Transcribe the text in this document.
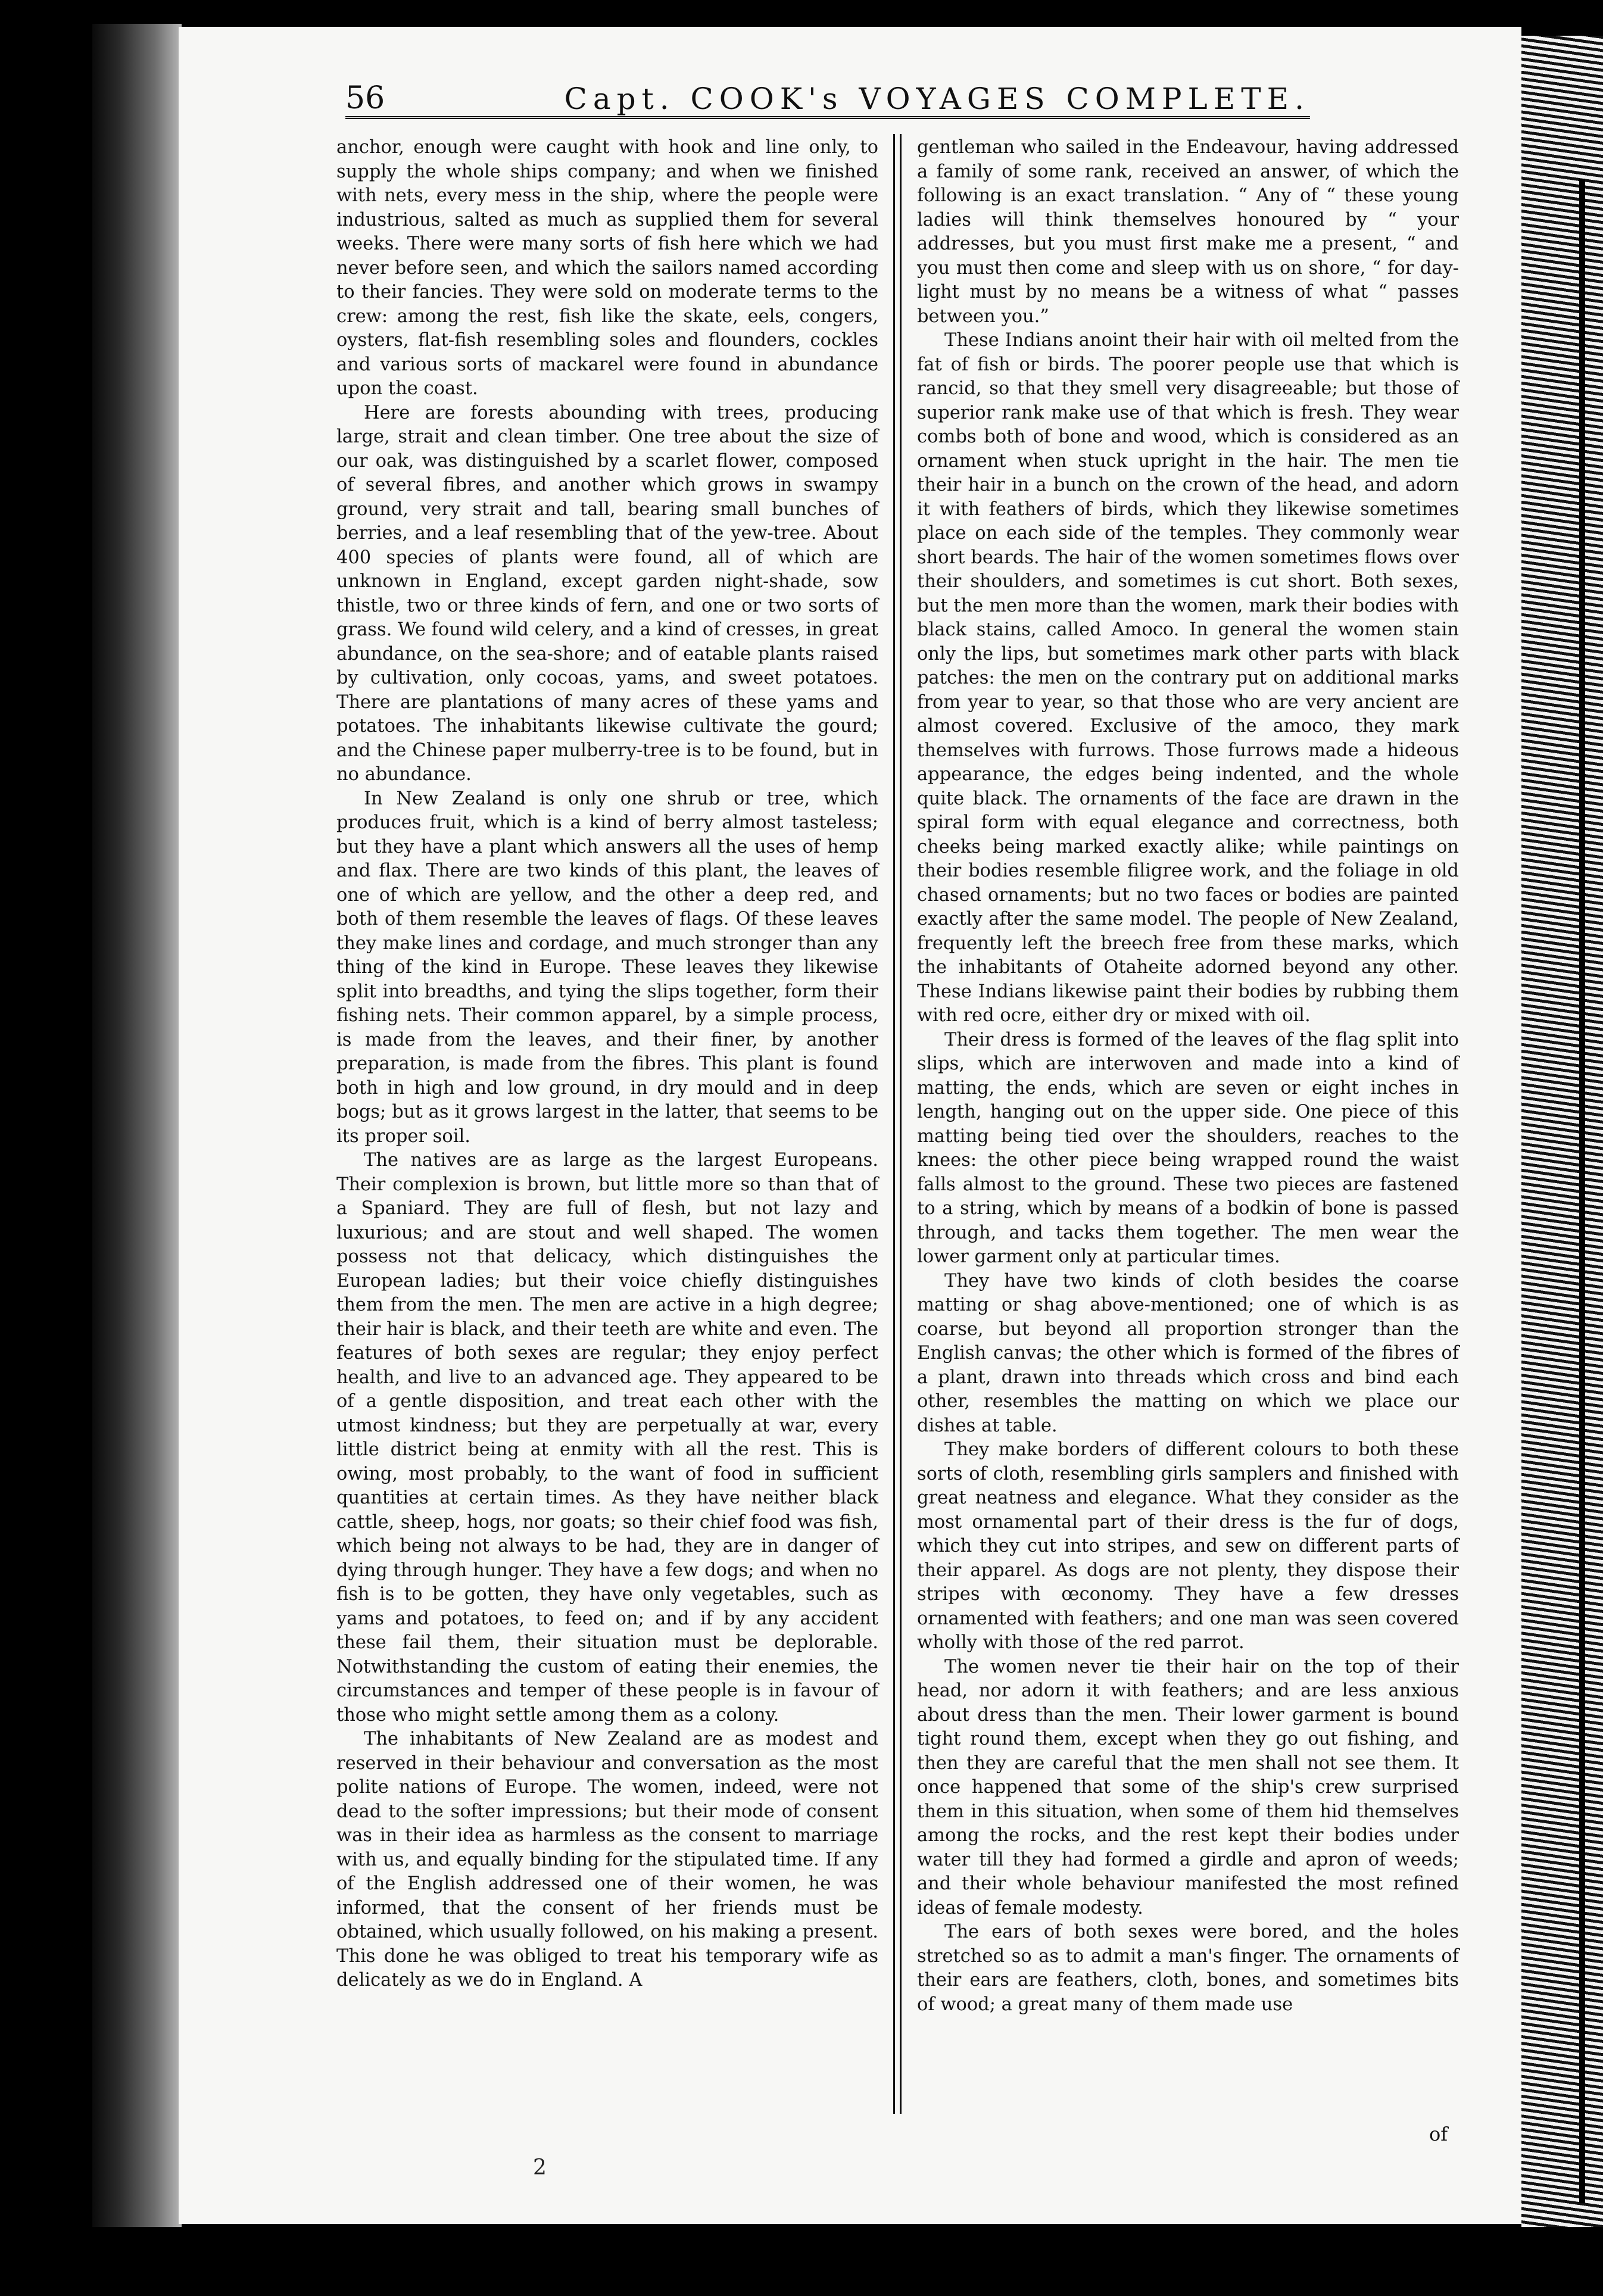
56	Capt. COOK's VOYAGES COMPLETE.

anchor, enough were caught with hook and line only, to supply the whole ships company; and when we finished with nets, every mess in the ship, where the people were industrious, salted as much as supplied them for several weeks. There were many sorts of fish here which we had never before seen, and which the sailors named according to their fancies. They were sold on moderate terms to the crew: among the rest, fish like the skate, eels, congers, oysters, flat-fish resembling soles and flounders, cockles and various sorts of mackarel were found in abundance upon the coast.

Here are forests abounding with trees, producing large, strait and clean timber. One tree about the size of our oak, was distinguished by a scarlet flower, composed of several fibres, and another which grows in swampy ground, very strait and tall, bearing small bunches of berries, and a leaf resembling that of the yew-tree. About 400 species of plants were found, all of which are unknown in England, except garden night-shade, sow thistle, two or three kinds of fern, and one or two sorts of grass. We found wild celery, and a kind of cresses, in great abundance, on the sea-shore; and of eatable plants raised by cultivation, only cocoas, yams, and sweet potatoes. There are plantations of many acres of these yams and potatoes. The inhabitants likewise cultivate the gourd; and the Chinese paper mulberry-tree is to be found, but in no abundance.

In New Zealand is only one shrub or tree, which produces fruit, which is a kind of berry almost tasteless; but they have a plant which answers all the uses of hemp and flax. There are two kinds of this plant, the leaves of one of which are yellow, and the other a deep red, and both of them resemble the leaves of flags. Of these leaves they make lines and cordage, and much stronger than any thing of the kind in Europe. These leaves they likewise split into breadths, and tying the slips together, form their fishing nets. Their common apparel, by a simple process, is made from the leaves, and their finer, by another preparation, is made from the fibres. This plant is found both in high and low ground, in dry mould and in deep bogs; but as it grows largest in the latter, that seems to be its proper soil.

The natives are as large as the largest Europeans. Their complexion is brown, but little more so than that of a Spaniard. They are full of flesh, but not lazy and luxurious; and are stout and well shaped. The women possess not that delicacy, which distinguishes the European ladies; but their voice chiefly distinguishes them from the men. The men are active in a high degree; their hair is black, and their teeth are white and even. The features of both sexes are regular; they enjoy perfect health, and live to an advanced age. They appeared to be of a gentle disposition, and treat each other with the utmost kindness; but they are perpetually at war, every little district being at enmity with all the rest. This is owing, most probably, to the want of food in sufficient quantities at certain times. As they have neither black cattle, sheep, hogs, nor goats; so their chief food was fish, which being not always to be had, they are in danger of dying through hunger. They have a few dogs; and when no fish is to be gotten, they have only vegetables, such as yams and potatoes, to feed on; and if by any accident these fail them, their situation must be deplorable. Notwithstanding the custom of eating their enemies, the circumstances and temper of these people is in favour of those who might settle among them as a colony.

The inhabitants of New Zealand are as modest and reserved in their behaviour and conversation as the most polite nations of Europe. The women, indeed, were not dead to the softer impressions; but their mode of consent was in their idea as harmless as the consent to marriage with us, and equally binding for the stipulated time. If any of the English addressed one of their women, he was informed, that the consent of her friends must be obtained, which usually followed, on his making a present. This done he was obliged to treat his temporary wife as delicately as we do in England. A

gentleman who sailed in the Endeavour, having addressed a family of some rank, received an answer, of which the following is an exact translation. “ Any of “ these young ladies will think themselves honoured by “ your addresses, but you must first make me a present, “ and you must then come and sleep with us on shore, “ for day-light must by no means be a witness of what “ passes between you.”

These Indians anoint their hair with oil melted from the fat of fish or birds. The poorer people use that which is rancid, so that they smell very disagreeable; but those of superior rank make use of that which is fresh. They wear combs both of bone and wood, which is considered as an ornament when stuck upright in the hair. The men tie their hair in a bunch on the crown of the head, and adorn it with feathers of birds, which they likewise sometimes place on each side of the temples. They commonly wear short beards. The hair of the women sometimes flows over their shoulders, and sometimes is cut short. Both sexes, but the men more than the women, mark their bodies with black stains, called Amoco. In general the women stain only the lips, but sometimes mark other parts with black patches: the men on the contrary put on additional marks from year to year, so that those who are very ancient are almost covered. Exclusive of the amoco, they mark themselves with furrows. Those furrows made a hideous appearance, the edges being indented, and the whole quite black. The ornaments of the face are drawn in the spiral form with equal elegance and correctness, both cheeks being marked exactly alike; while paintings on their bodies resemble filigree work, and the foliage in old chased ornaments; but no two faces or bodies are painted exactly after the same model. The people of New Zealand, frequently left the breech free from these marks, which the inhabitants of Otaheite adorned beyond any other. These Indians likewise paint their bodies by rubbing them with red ocre, either dry or mixed with oil.

Their dress is formed of the leaves of the flag split into slips, which are interwoven and made into a kind of matting, the ends, which are seven or eight inches in length, hanging out on the upper side. One piece of this matting being tied over the shoulders, reaches to the knees: the other piece being wrapped round the waist falls almost to the ground. These two pieces are fastened to a string, which by means of a bodkin of bone is passed through, and tacks them together. The men wear the lower garment only at particular times.

They have two kinds of cloth besides the coarse matting or shag above-mentioned; one of which is as coarse, but beyond all proportion stronger than the English canvas; the other which is formed of the fibres of a plant, drawn into threads which cross and bind each other, resembles the matting on which we place our dishes at table.

They make borders of different colours to both these sorts of cloth, resembling girls samplers and finished with great neatness and elegance. What they consider as the most ornamental part of their dress is the fur of dogs, which they cut into stripes, and sew on different parts of their apparel. As dogs are not plenty, they dispose their stripes with œconomy. They have a few dresses ornamented with feathers; and one man was seen covered wholly with those of the red parrot.

The women never tie their hair on the top of their head, nor adorn it with feathers; and are less anxious about dress than the men. Their lower garment is bound tight round them, except when they go out fishing, and then they are careful that the men shall not see them. It once happened that some of the ship's crew surprised them in this situation, when some of them hid themselves among the rocks, and the rest kept their bodies under water till they had formed a girdle and apron of weeds; and their whole behaviour manifested the most refined ideas of female modesty.

The ears of both sexes were bored, and the holes stretched so as to admit a man's finger. The ornaments of their ears are feathers, cloth, bones, and sometimes bits of wood; a great many of them made use

2
of
